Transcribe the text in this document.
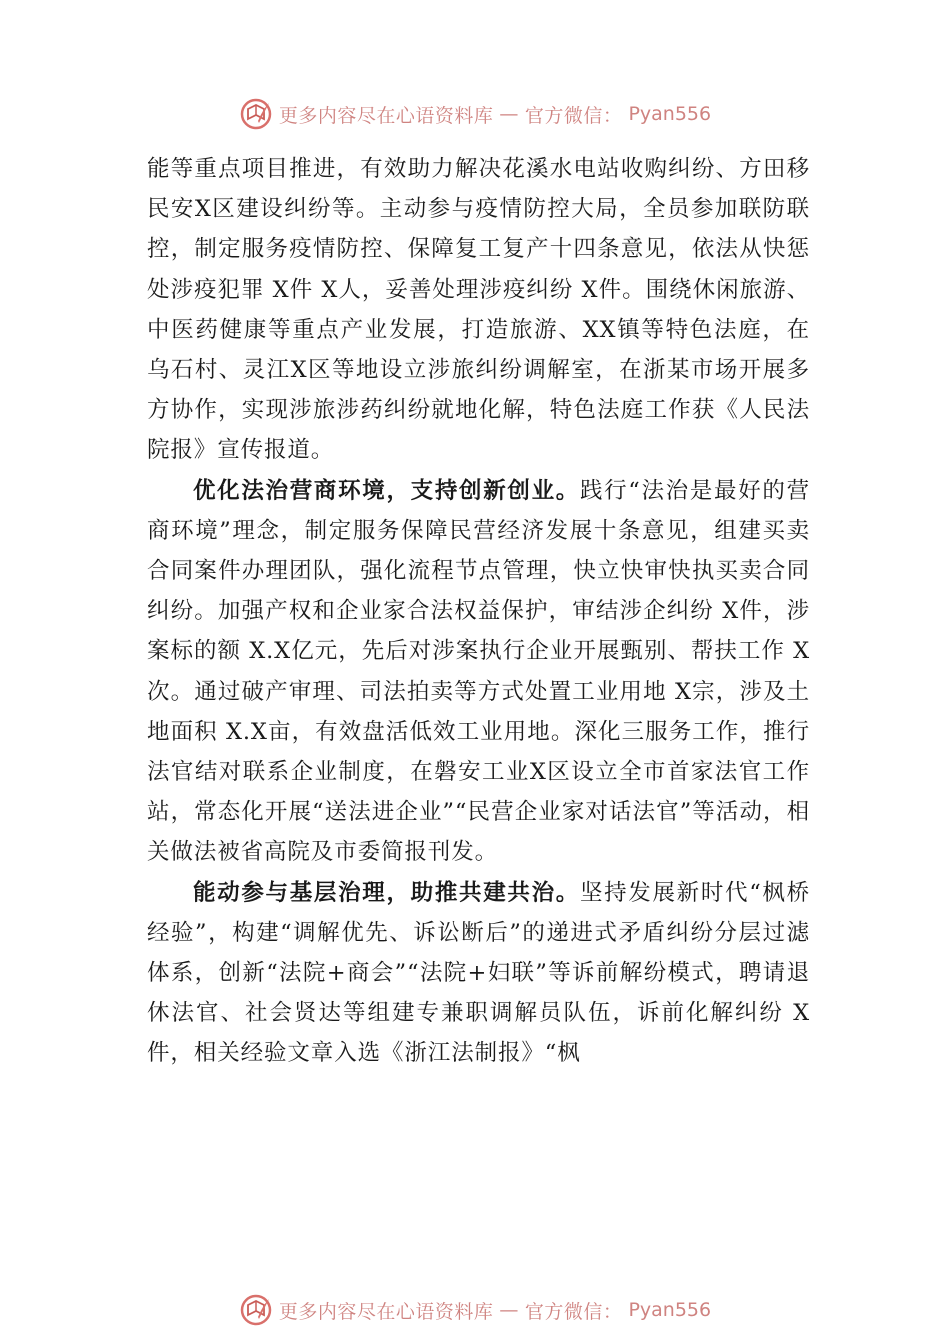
更多内容尽在心语资料库 — 官方微信： Pyan556

能等重点项目推进，有效助力解决花溪水电站收购纠纷、方田移民安X区建设纠纷等。主动参与疫情防控大局，全员参加联防联控，制定服务疫情防控、保障复工复产十四条意见，依法从快惩处涉疫犯罪 X件 X人，妥善处理涉疫纠纷 X件。围绕休闲旅游、中医药健康等重点产业发展，打造旅游、XX镇等特色法庭，在乌石村、灵江X区等地设立涉旅纠纷调解室，在浙某市场开展多方协作，实现涉旅涉药纠纷就地化解，特色法庭工作获《人民法院报》宣传报道。

优化法治营商环境，支持创新创业。践行“法治是最好的营商环境”理念，制定服务保障民营经济发展十条意见，组建买卖合同案件办理团队，强化流程节点管理，快立快审快执买卖合同纠纷。加强产权和企业家合法权益保护，审结涉企纠纷 X件，涉案标的额 X.X亿元，先后对涉案执行企业开展甄别、帮扶工作 X次。通过破产审理、司法拍卖等方式处置工业用地 X宗，涉及土地面积 X.X亩，有效盘活低效工业用地。深化三服务工作，推行法官结对联系企业制度，在磐安工业X区设立全市首家法官工作站，常态化开展“送法进企业”“民营企业家对话法官”等活动，相关做法被省高院及市委简报刊发。

能动参与基层治理，助推共建共治。坚持发展新时代“枫桥经验”，构建“调解优先、诉讼断后”的递进式矛盾纠纷分层过滤体系，创新“法院+商会”“法院+妇联”等诉前解纷模式，聘请退休法官、社会贤达等组建专兼职调解员队伍，诉前化解纠纷 X件，相关经验文章入选《浙江法制报》“枫

更多内容尽在心语资料库 — 官方微信： Pyan556
